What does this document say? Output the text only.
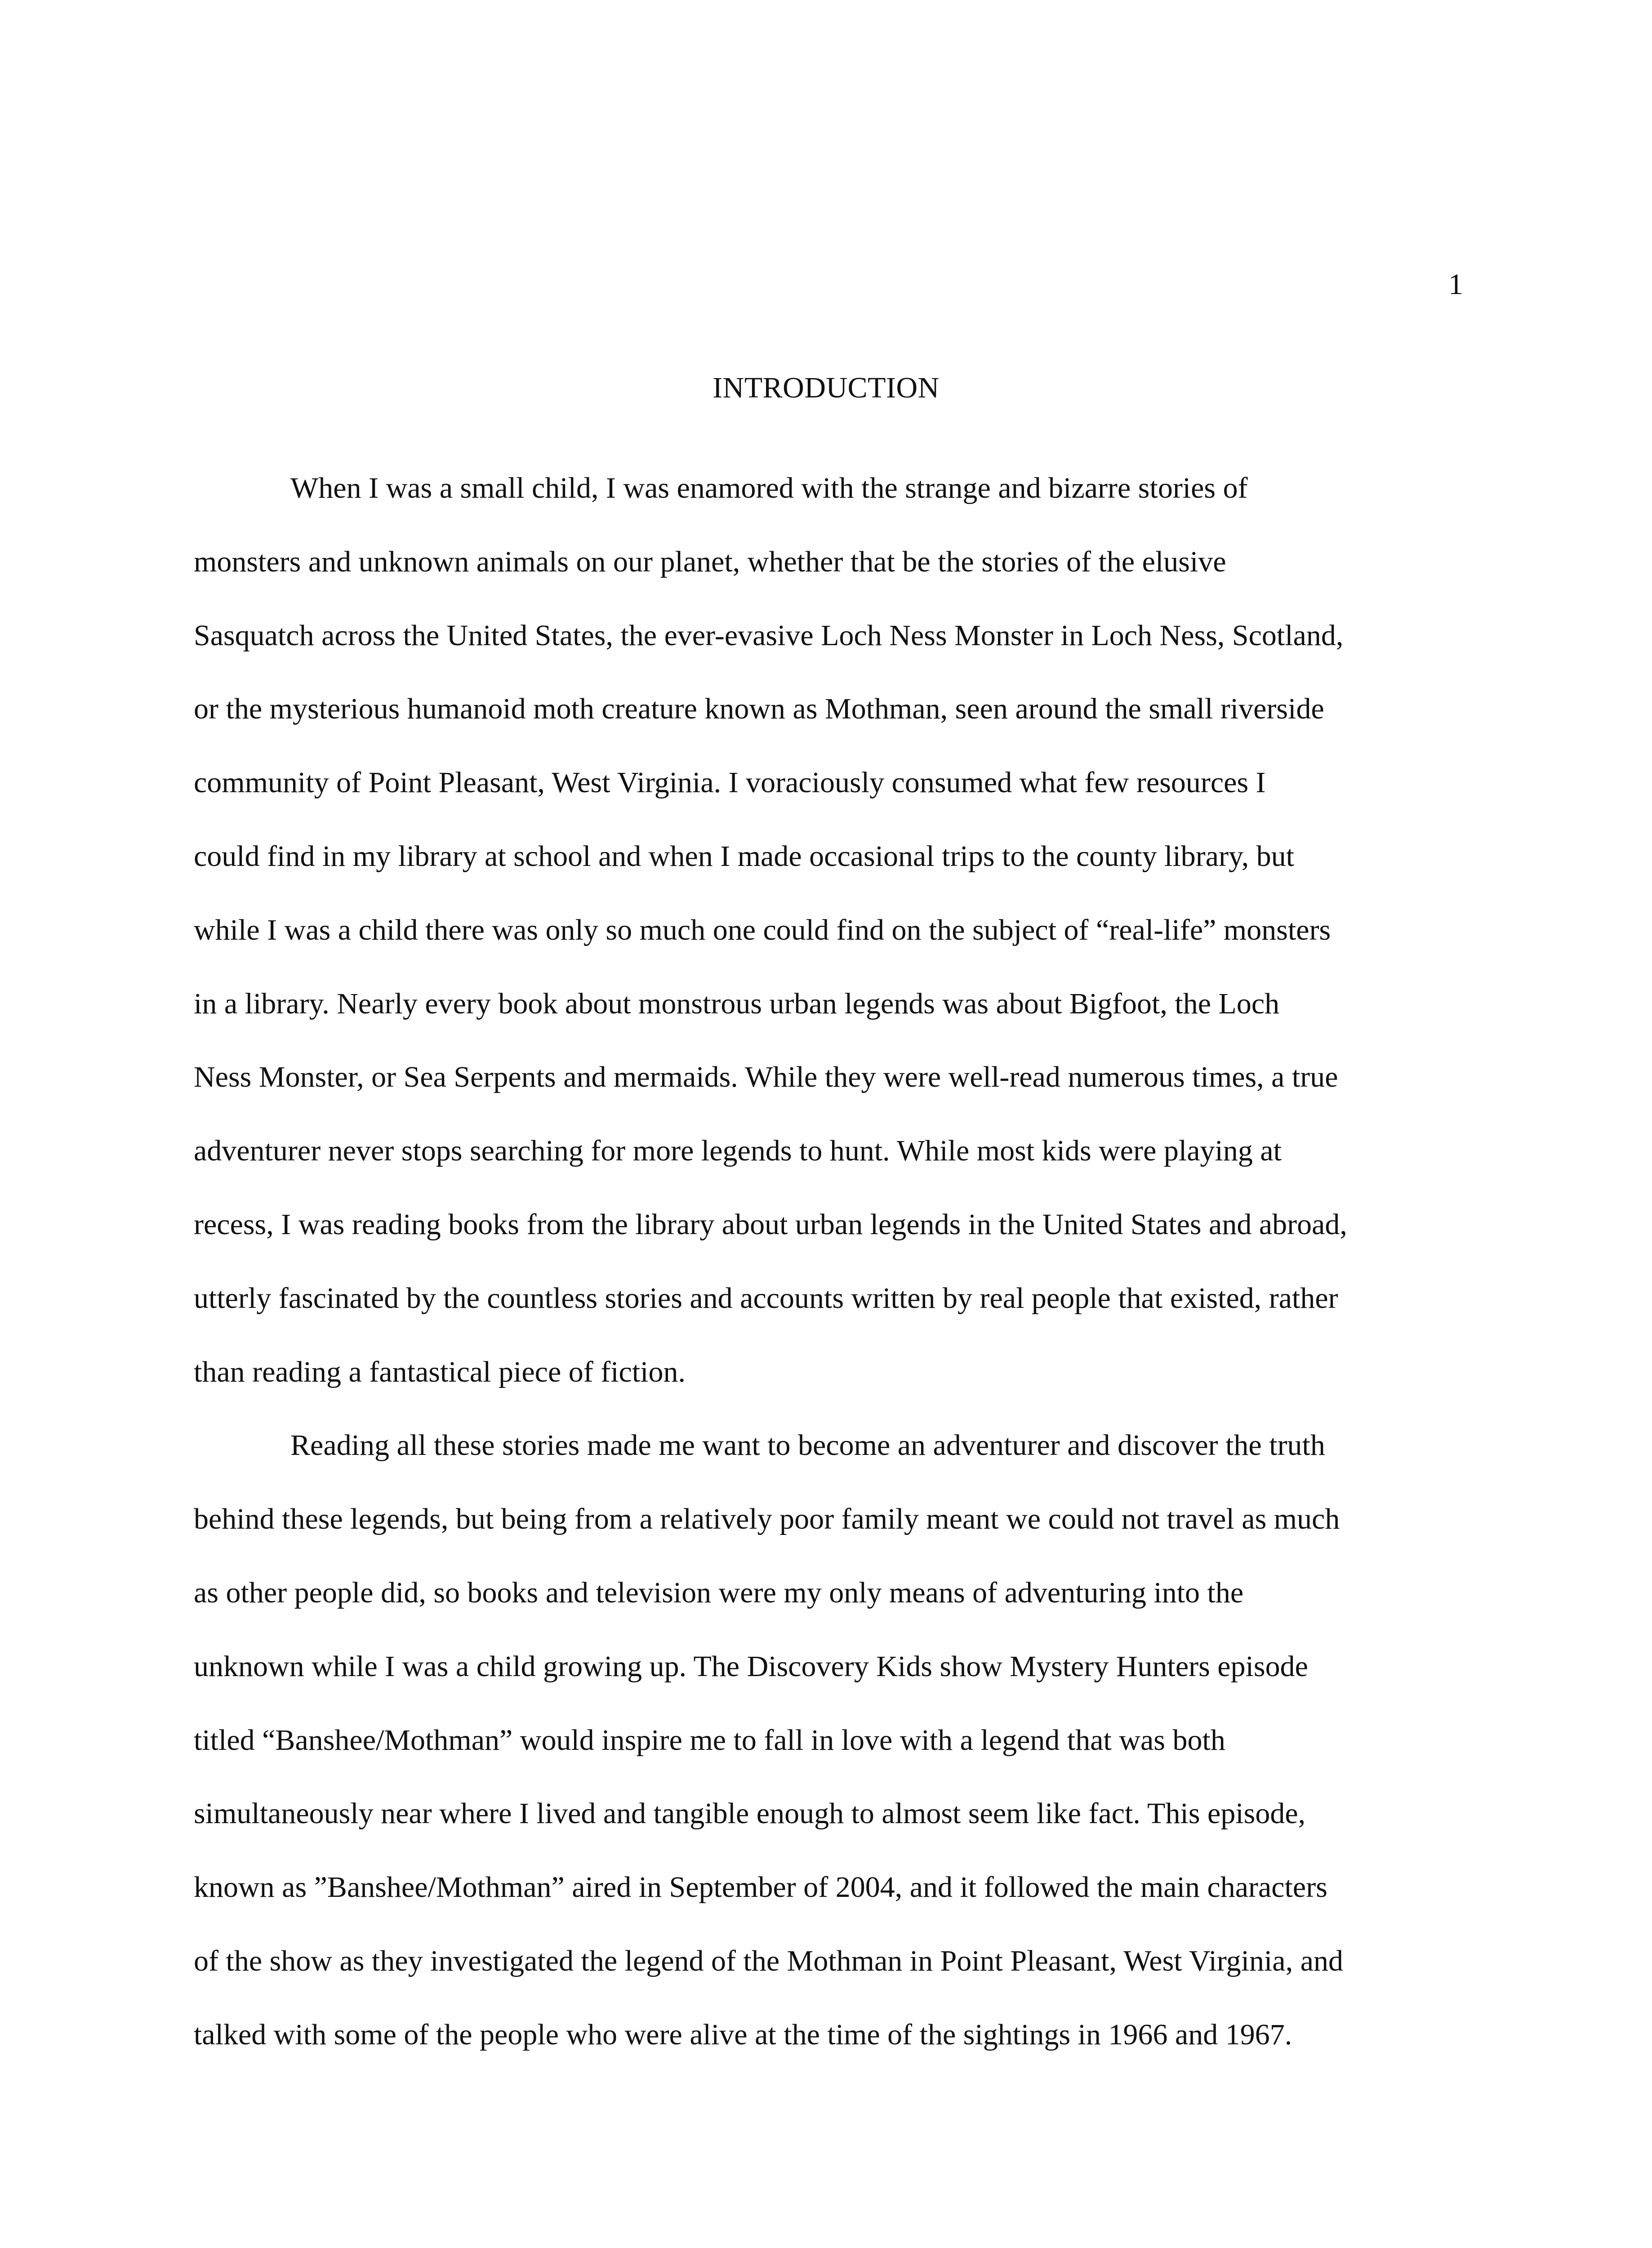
1

INTRODUCTION
When I was a small child, I was enamored with the strange and bizarre stories of
monsters and unknown animals on our planet, whether that be the stories of the elusive
Sasquatch across the United States, the ever-evasive Loch Ness Monster in Loch Ness, Scotland,
or the mysterious humanoid moth creature known as Mothman, seen around the small riverside
community of Point Pleasant, West Virginia. I voraciously consumed what few resources I
could find in my library at school and when I made occasional trips to the county library, but
while I was a child there was only so much one could find on the subject of “real-life” monsters
in a library. Nearly every book about monstrous urban legends was about Bigfoot, the Loch
Ness Monster, or Sea Serpents and mermaids. While they were well-read numerous times, a true
adventurer never stops searching for more legends to hunt. While most kids were playing at
recess, I was reading books from the library about urban legends in the United States and abroad,
utterly fascinated by the countless stories and accounts written by real people that existed, rather
than reading a fantastical piece of fiction.
Reading all these stories made me want to become an adventurer and discover the truth
behind these legends, but being from a relatively poor family meant we could not travel as much
as other people did, so books and television were my only means of adventuring into the
unknown while I was a child growing up. The Discovery Kids show Mystery Hunters episode
titled “Banshee/Mothman” would inspire me to fall in love with a legend that was both
simultaneously near where I lived and tangible enough to almost seem like fact. This episode,
known as ”Banshee/Mothman” aired in September of 2004, and it followed the main characters
of the show as they investigated the legend of the Mothman in Point Pleasant, West Virginia, and
talked with some of the people who were alive at the time of the sightings in 1966 and 1967.
